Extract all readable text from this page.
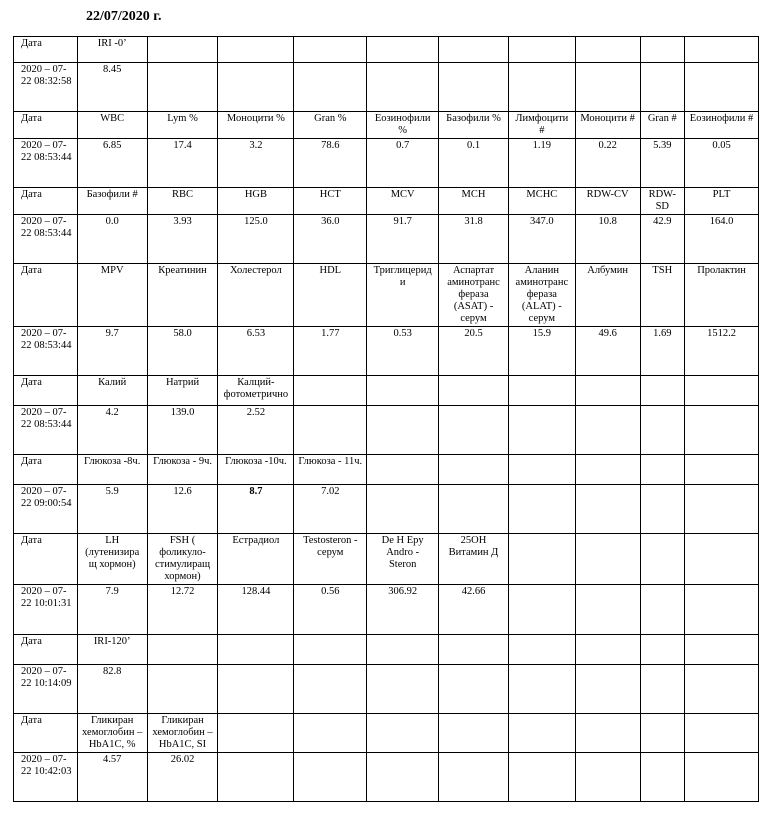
22/07/2020 г.
Дата	IRI -0’									
2020 – 07-22 08:32:58	8.45									
Дата	WBC	Lym %	Моноцити %	Gran %	Еозинофили %	Базофили %	Лимфоцити #	Моноцити #	Gran #	Еозинофили #
2020 – 07-22 08:53:44	6.85	17.4	3.2	78.6	0.7	0.1	1.19	0.22	5.39	0.05
Дата	Базофили #	RBC	HGB	HCT	MCV	MCH	MCHC	RDW-CV	RDW-SD	PLT
2020 – 07-22 08:53:44	0.0	3.93	125.0	36.0	91.7	31.8	347.0	10.8	42.9	164.0
Дата	MPV	Креатинин	Холестерол	HDL	Триглицериди	Аспартат аминотранс фераза (ASAT) - серум	Аланин аминотранс фераза (ALAT) - серум	Албумин	TSH	Пролактин
2020 – 07-22 08:53:44	9.7	58.0	6.53	1.77	0.53	20.5	15.9	49.6	1.69	1512.2
Дата	Калий	Натрий	Калций- фотометрично							
2020 – 07-22 08:53:44	4.2	139.0	2.52							
Дата	Глюкоза -8ч.	Глюкоза - 9ч.	Глюкоза -10ч.	Глюкоза - 11ч.						
2020 – 07-22 09:00:54	5.9	12.6	8.7	7.02						
Дата	LH (лутенизиращ хормон)	FSH ( фоликуло- стимулиращ хормон)	Естрадиол	Testosteron - серум	De H Epy Andro - Steron	25OH Витамин Д				
2020 – 07-22 10:01:31	7.9	12.72	128.44	0.56	306.92	42.66				
Дата	IRI-120’									
2020 – 07-22 10:14:09	82.8									
Дата	Гликиран хемоглобин – HbA1C, %	Гликиран хемоглобин – HbA1C, SI								
2020 – 07-22 10:42:03	4.57	26.02								
